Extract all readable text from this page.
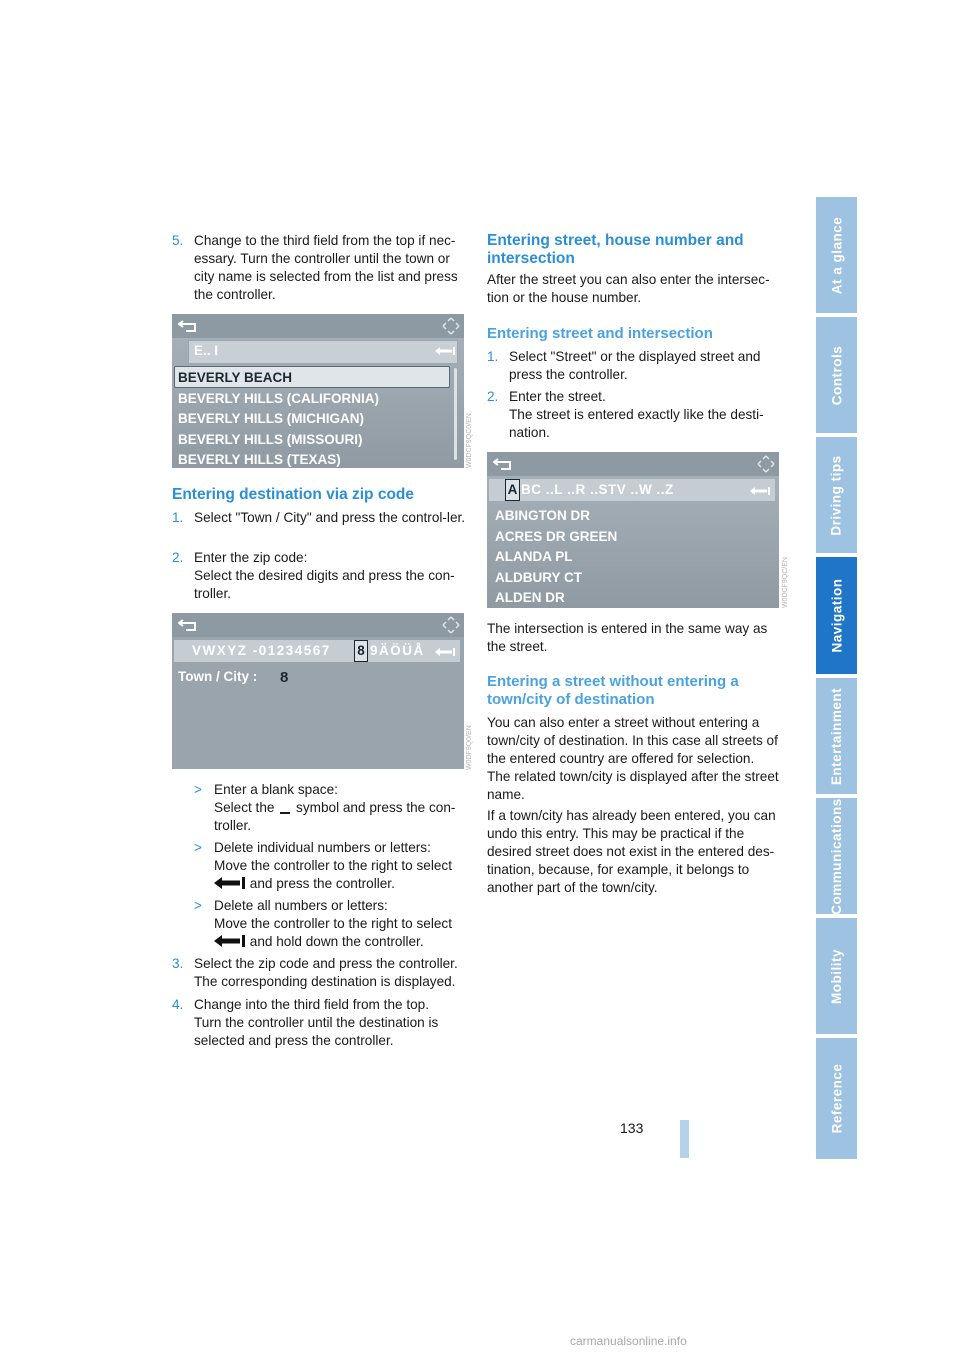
5. Change to the third field from the top if nec-essary. Turn the controller until the town or city name is selected from the list and press the controller.
E.. I
BEVERLY BEACH
BEVERLY HILLS (CALIFORNIA)
BEVERLY HILLS (MICHIGAN)
BEVERLY HILLS (MISSOURI)
BEVERLY HILLS (TEXAS)	W0DCF9QC0/EN
Entering destination via zip code
1. Select "Town / City" and press the control-ler.
2. Enter the zip code:
Select the desired digits and press the con-troller.
VWXYZ -01234567 8 9ÄÖÜÅ
Town / City : 8
W0DF9Q0/EN
> Enter a blank space:
Select the symbol and press the con-troller.
> Delete individual numbers or letters:
Move the controller to the right to select
and press the controller.
> Delete all numbers or letters:
Move the controller to the right to select
and hold down the controller.
3. Select the zip code and press the controller.
The corresponding destination is displayed.
4. Change into the third field from the top.
Turn the controller until the destination is selected and press the controller.
Entering street, house number and intersection
After the street you can also enter the intersec-tion or the house number.
Entering street and intersection
1. Select "Street" or the displayed street and press the controller.
2. Enter the street.
The street is entered exactly like the desti-nation.
A BC ..L ..R ..STV ..W ..Z
ABINGTON DR
ACRES DR GREEN
ALANDA PL
ALDBURY CT
ALDEN DR	W0DCF9QC/EN
The intersection is entered in the same way as the street.
Entering a street without entering a town/city of destination
You can also enter a street without entering a town/city of destination. In this case all streets of the entered country are offered for selection. The related town/city is displayed after the street name.
If a town/city has already been entered, you can undo this entry. This may be practical if the desired street does not exist in the entered des-tination, because, for example, it belongs to another part of the town/city.
At a glance
Controls
Driving tips
Navigation
Entertainment
Communications
Mobility
Reference
133
carmanualsonline.info
